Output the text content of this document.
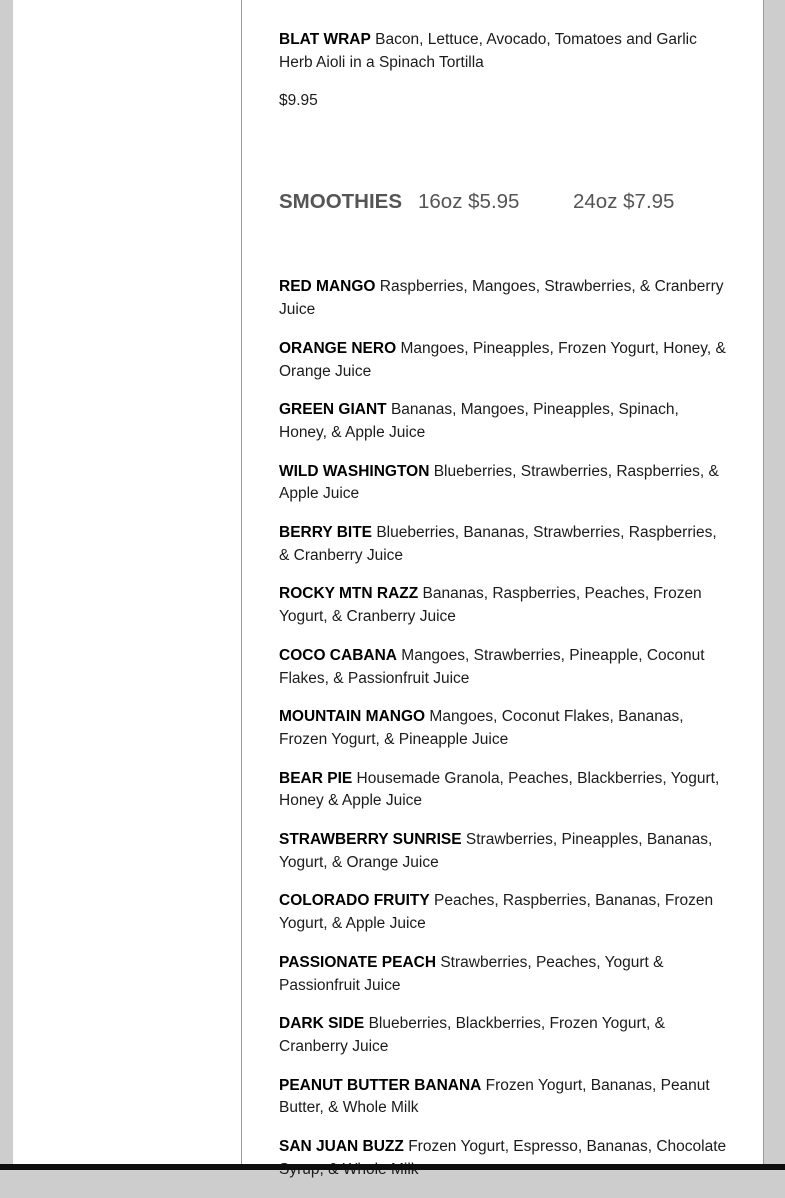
BLAT WRAP Bacon, Lettuce, Avocado, Tomatoes and Garlic Herb Aioli in a Spinach Tortilla

$9.95

SMOOTHIES 16oz $5.95	24oz $7.95

RED MANGO Raspberries, Mangoes, Strawberries, & Cranberry Juice

ORANGE NERO Mangoes, Pineapples, Frozen Yogurt, Honey, & Orange Juice

GREEN GIANT Bananas, Mangoes, Pineapples, Spinach, Honey, & Apple Juice

WILD WASHINGTON Blueberries, Strawberries, Raspberries, & Apple Juice

BERRY BITE Blueberries, Bananas, Strawberries, Raspberries, & Cranberry Juice

ROCKY MTN RAZZ Bananas, Raspberries, Peaches, Frozen Yogurt, & Cranberry Juice

COCO CABANA Mangoes, Strawberries, Pineapple, Coconut Flakes, & Passionfruit Juice

MOUNTAIN MANGO Mangoes, Coconut Flakes, Bananas, Frozen Yogurt, & Pineapple Juice

BEAR PIE Housemade Granola, Peaches, Blackberries, Yogurt, Honey & Apple Juice

STRAWBERRY SUNRISE Strawberries, Pineapples, Bananas, Yogurt, & Orange Juice

COLORADO FRUITY Peaches, Raspberries, Bananas, Frozen Yogurt, & Apple Juice

PASSIONATE PEACH Strawberries, Peaches, Yogurt & Passionfruit Juice

DARK SIDE Blueberries, Blackberries, Frozen Yogurt, & Cranberry Juice

PEANUT BUTTER BANANA Frozen Yogurt, Bananas, Peanut Butter, & Whole Milk

SAN JUAN BUZZ Frozen Yogurt, Espresso, Bananas, Chocolate
